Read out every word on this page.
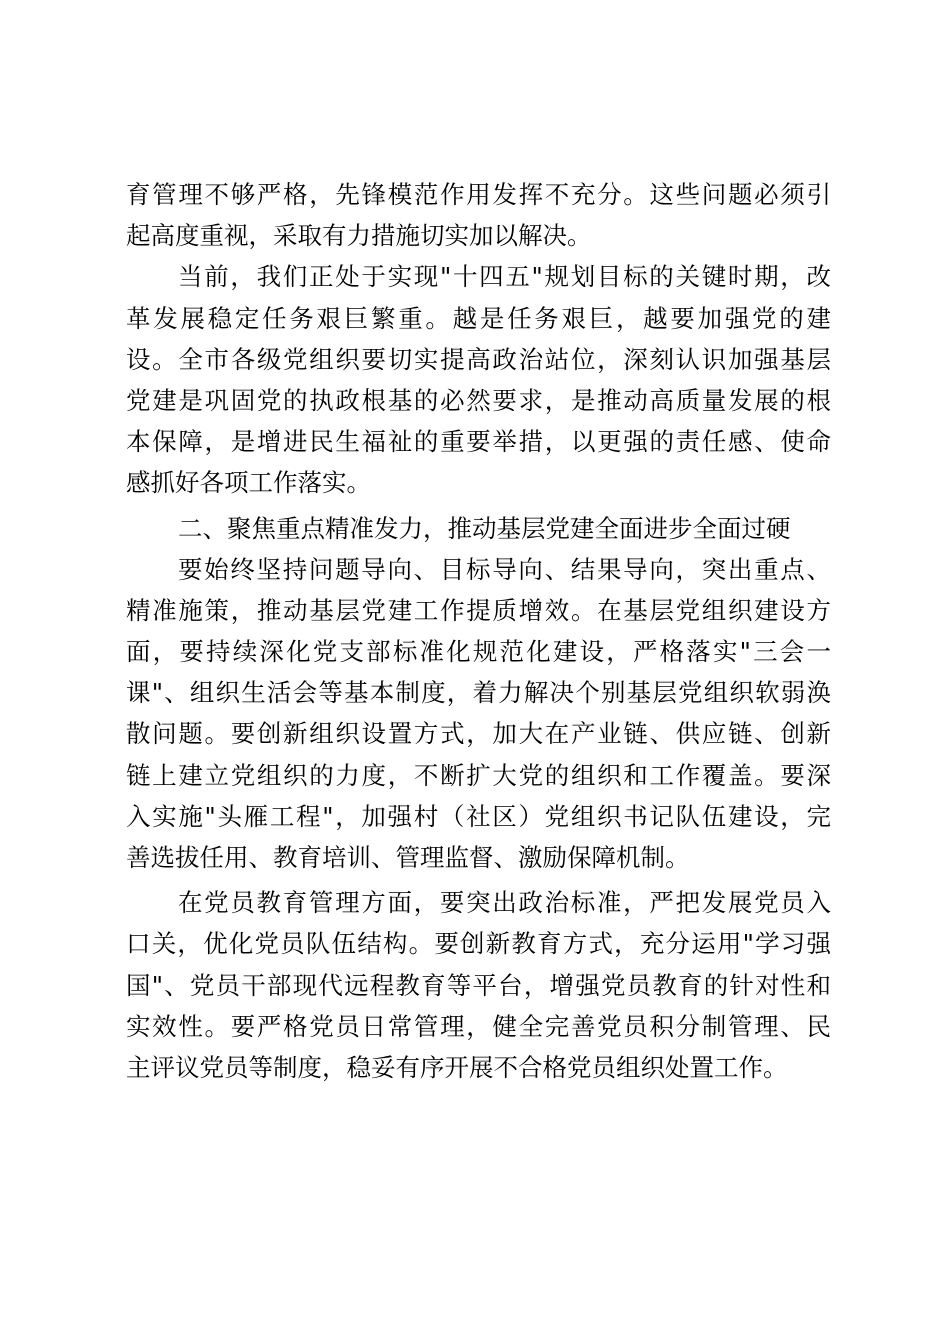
育管理不够严格，先锋模范作用发挥不充分。这些问题必须引
起高度重视，采取有力措施切实加以解决。
当前，我们正处于实现"十四五"规划目标的关键时期，改
革发展稳定任务艰巨繁重。越是任务艰巨，越要加强党的建
设。全市各级党组织要切实提高政治站位，深刻认识加强基层
党建是巩固党的执政根基的必然要求，是推动高质量发展的根
本保障，是增进民生福祉的重要举措，以更强的责任感、使命
感抓好各项工作落实。
二、聚焦重点精准发力，推动基层党建全面进步全面过硬
要始终坚持问题导向、目标导向、结果导向，突出重点、
精准施策，推动基层党建工作提质增效。在基层党组织建设方
面，要持续深化党支部标准化规范化建设，严格落实"三会一
课"、组织生活会等基本制度，着力解决个别基层党组织软弱涣
散问题。要创新组织设置方式，加大在产业链、供应链、创新
链上建立党组织的力度，不断扩大党的组织和工作覆盖。要深
入实施"头雁工程"，加强村（社区）党组织书记队伍建设，完
善选拔任用、教育培训、管理监督、激励保障机制。
在党员教育管理方面，要突出政治标准，严把发展党员入
口关，优化党员队伍结构。要创新教育方式，充分运用"学习强
国"、党员干部现代远程教育等平台，增强党员教育的针对性和
实效性。要严格党员日常管理，健全完善党员积分制管理、民
主评议党员等制度，稳妥有序开展不合格党员组织处置工作。
